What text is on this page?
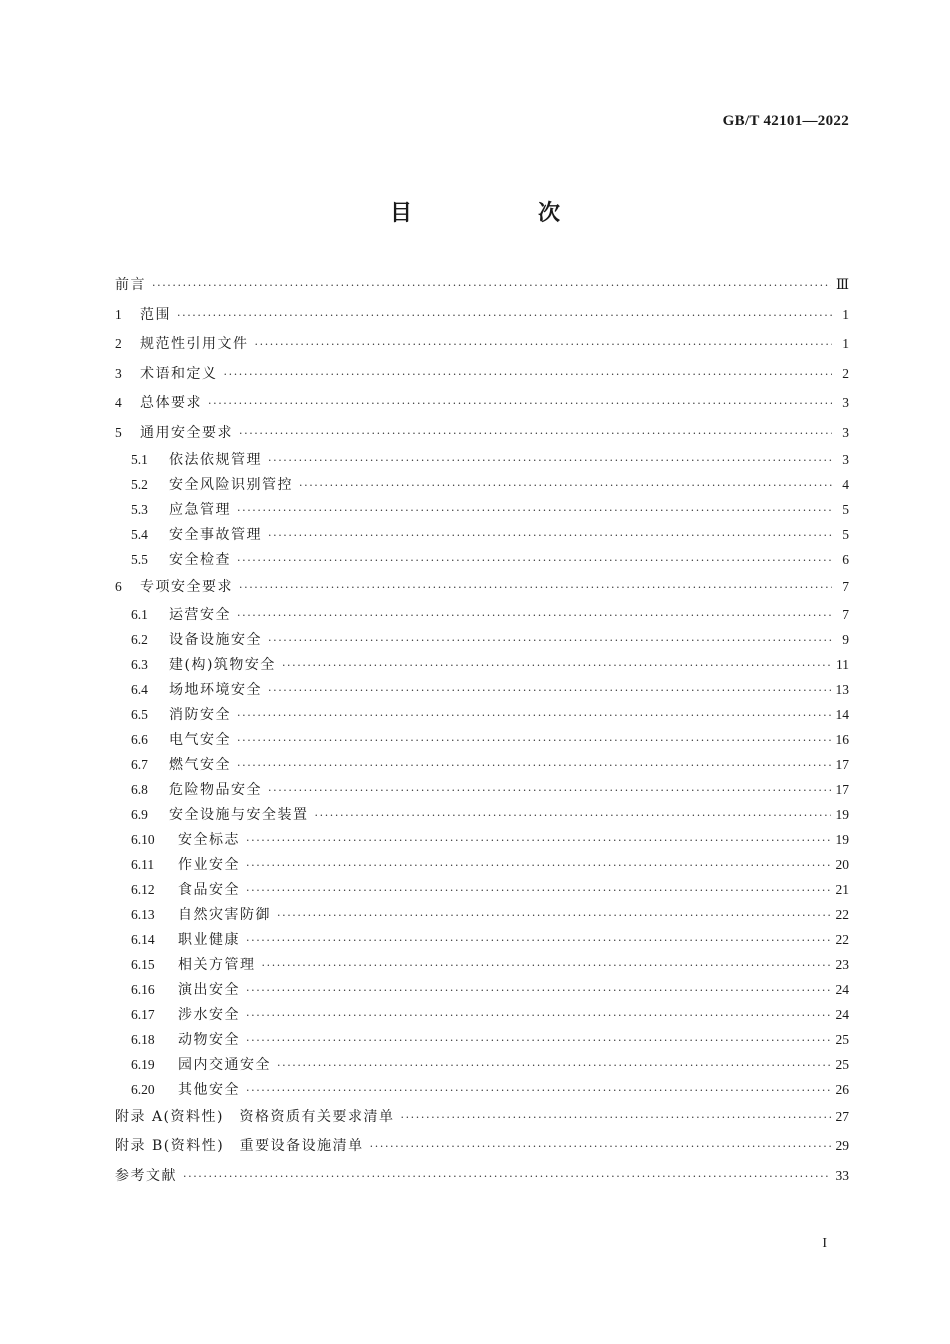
GB/T 42101—2022
目　次
前言 ·····	Ⅲ
1	范围 ·····	1
2	规范性引用文件 ·····	1
3	术语和定义 ·····	2
4	总体要求 ·····	3
5	通用安全要求 ·····	3
5.1	依法依规管理 ·····	3
5.2	安全风险识别管控 ·····	4
5.3	应急管理 ·····	5
5.4	安全事故管理 ·····	5
5.5	安全检查 ·····	6
6	专项安全要求 ·····	7
6.1	运营安全 ·····	7
6.2	设备设施安全 ·····	9
6.3	建(构)筑物安全 ·····	11
6.4	场地环境安全 ·····	13
6.5	消防安全 ·····	14
6.6	电气安全 ·····	16
6.7	燃气安全 ·····	17
6.8	危险物品安全 ·····	17
6.9	安全设施与安全装置 ·····	19
6.10	安全标志 ·····	19
6.11	作业安全 ·····	20
6.12	食品安全 ·····	21
6.13	自然灾害防御 ·····	22
6.14	职业健康 ·····	22
6.15	相关方管理 ·····	23
6.16	演出安全 ·····	24
6.17	涉水安全 ·····	24
6.18	动物安全 ·····	25
6.19	园内交通安全 ·····	25
6.20	其他安全 ·····	26
附录 A(资料性)　资格资质有关要求清单 ·····	27
附录 B(资料性)　重要设备设施清单 ·····	29
参考文献 ·····	33
I
